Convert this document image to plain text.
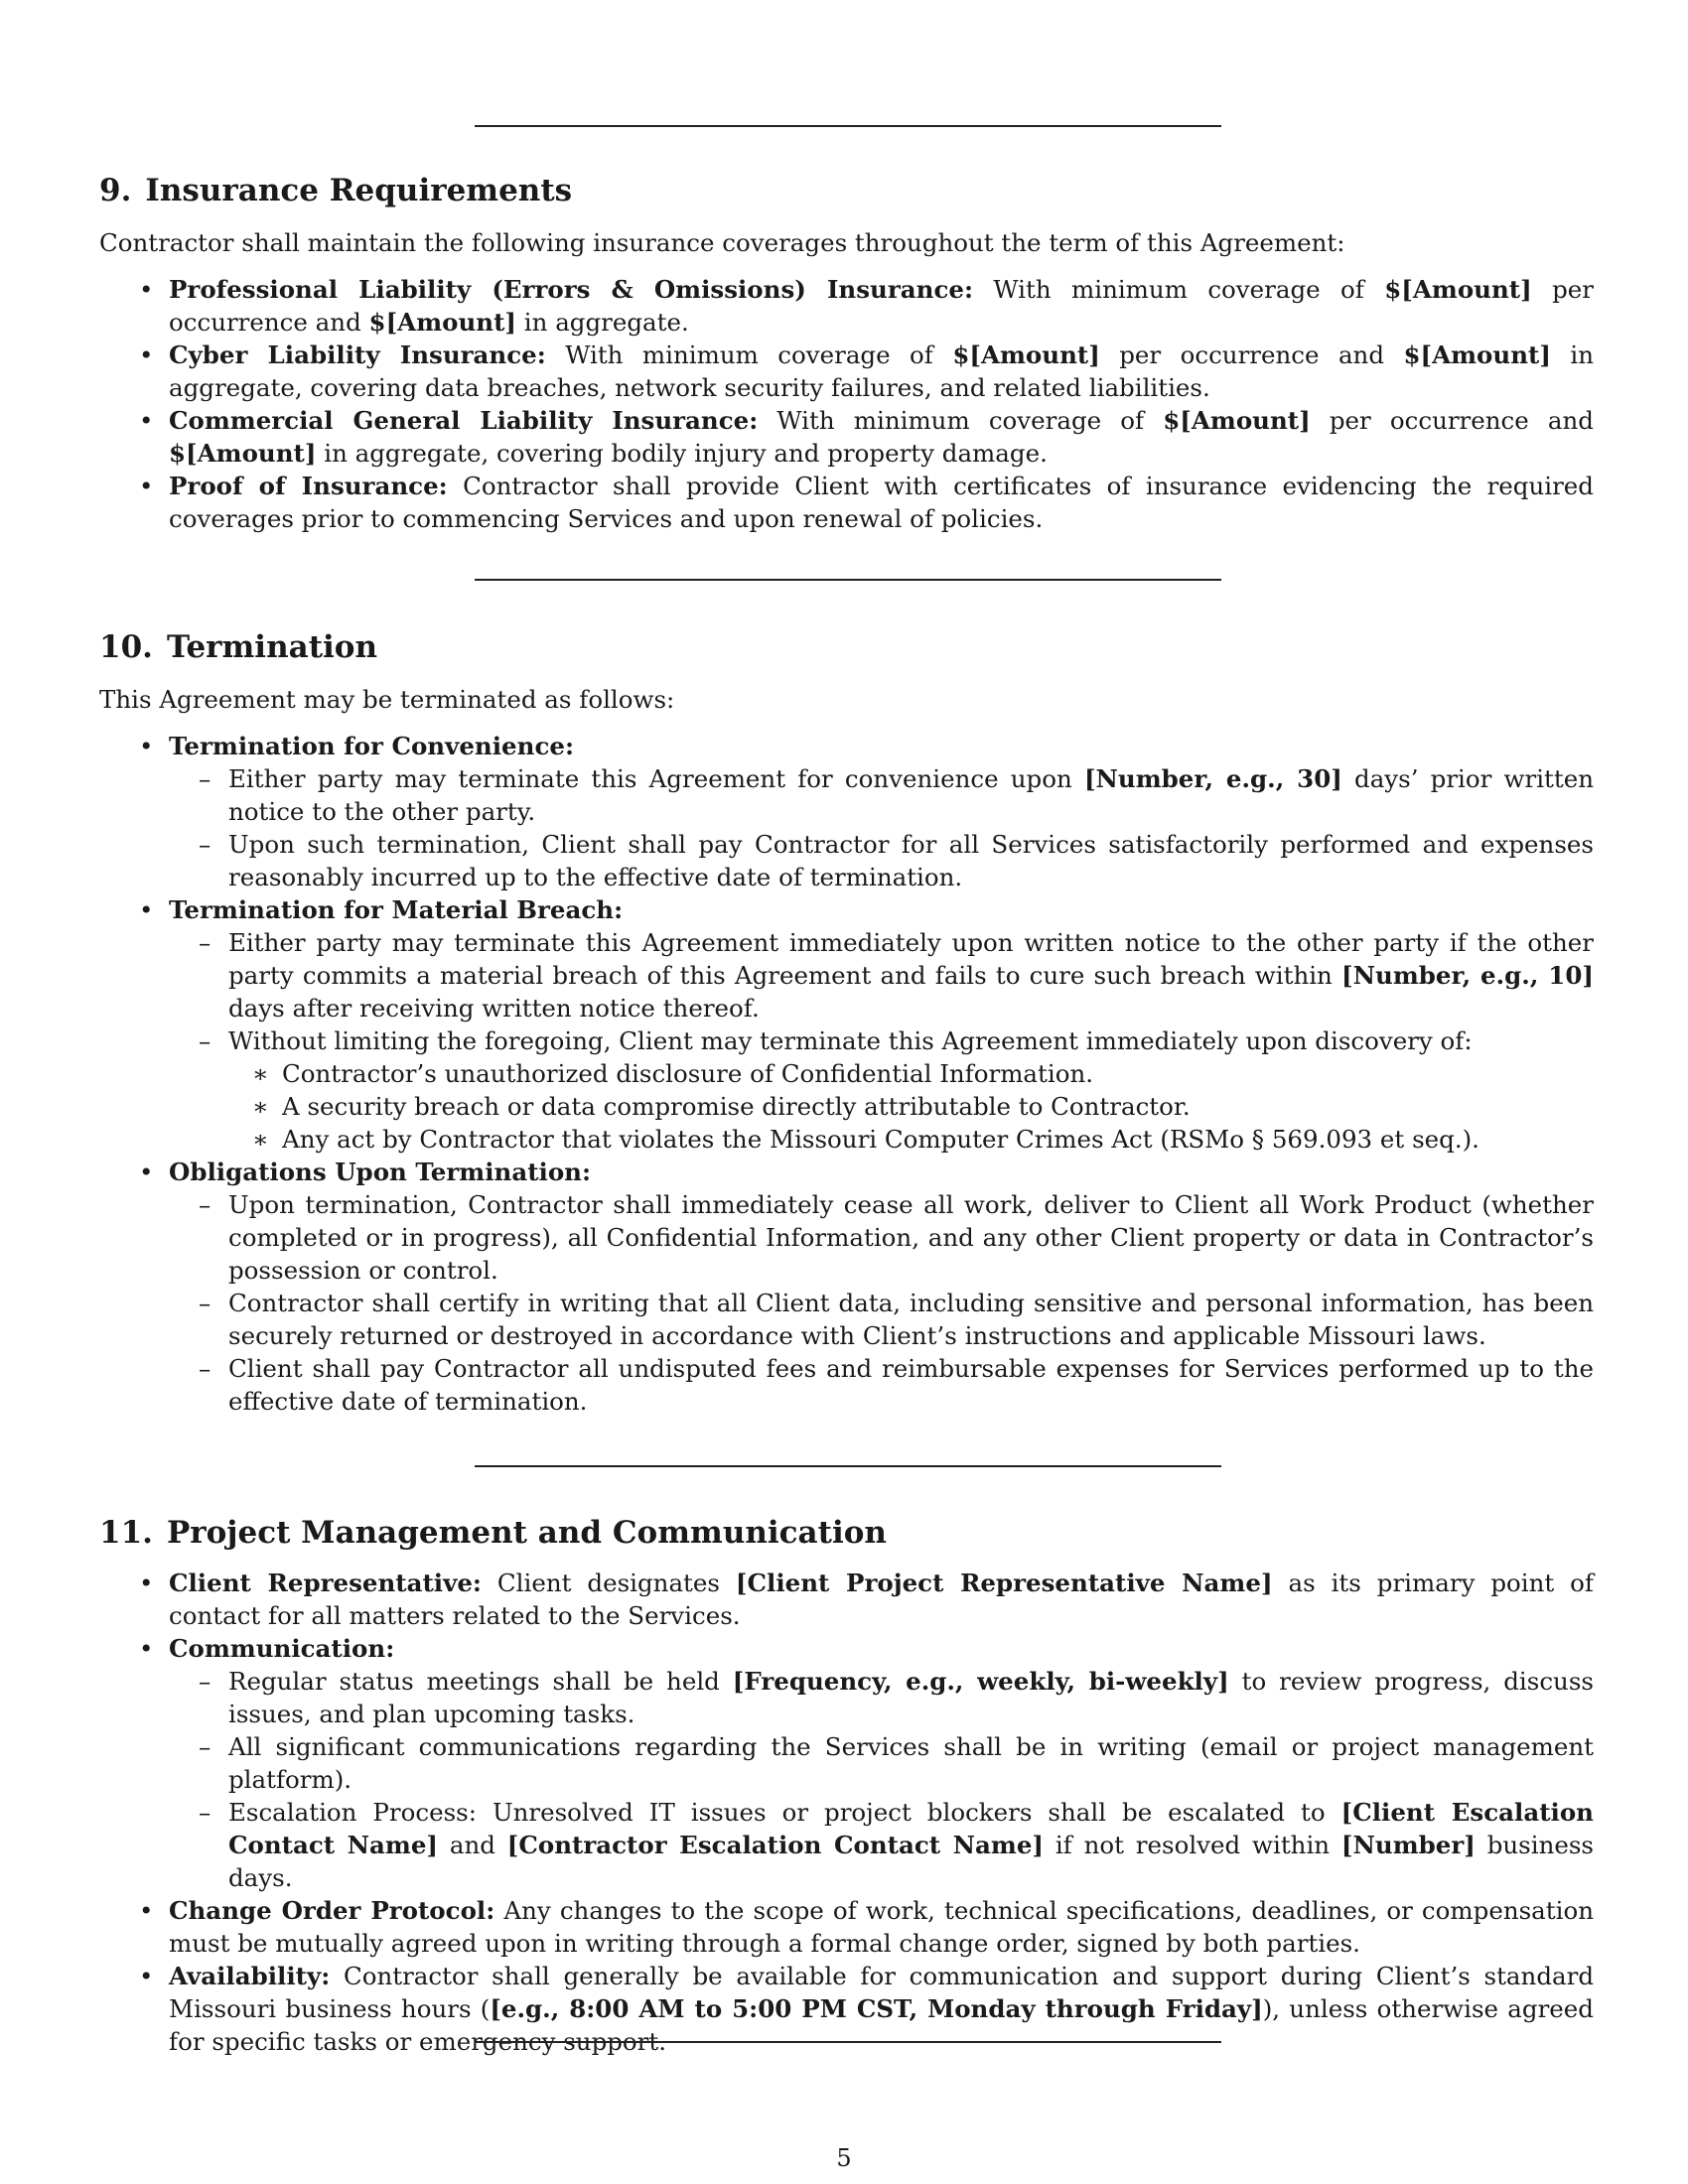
9. Insurance Requirements

Contractor shall maintain the following insurance coverages throughout the term of this Agreement:

• Professional Liability (Errors & Omissions) Insurance: With minimum coverage of $[Amount] per occurrence and $[Amount] in aggregate.
• Cyber Liability Insurance: With minimum coverage of $[Amount] per occurrence and $[Amount] in aggregate, covering data breaches, network security failures, and related liabilities.
• Commercial General Liability Insurance: With minimum coverage of $[Amount] per occurrence and $[Amount] in aggregate, covering bodily injury and property damage.
• Proof of Insurance: Contractor shall provide Client with certificates of insurance evidencing the required coverages prior to commencing Services and upon renewal of policies.
10. Termination

This Agreement may be terminated as follows:

• Termination for Convenience:
– Either party may terminate this Agreement for convenience upon [Number, e.g., 30] days’ prior written notice to the other party.
– Upon such termination, Client shall pay Contractor for all Services satisfactorily performed and expenses reasonably incurred up to the effective date of termination.
• Termination for Material Breach:
– Either party may terminate this Agreement immediately upon written notice to the other party if the other party commits a material breach of this Agreement and fails to cure such breach within [Number, e.g., 10] days after receiving written notice thereof.
– Without limiting the foregoing, Client may terminate this Agreement immediately upon discovery of:
∗ Contractor’s unauthorized disclosure of Confidential Information.
∗ A security breach or data compromise directly attributable to Contractor.
∗ Any act by Contractor that violates the Missouri Computer Crimes Act (RSMo § 569.093 et seq.).
• Obligations Upon Termination:
– Upon termination, Contractor shall immediately cease all work, deliver to Client all Work Product (whether completed or in progress), all Confidential Information, and any other Client property or data in Contractor’s possession or control.
– Contractor shall certify in writing that all Client data, including sensitive and personal information, has been securely returned or destroyed in accordance with Client’s instructions and applicable Missouri laws.
– Client shall pay Contractor all undisputed fees and reimbursable expenses for Services performed up to the effective date of termination.
11. Project Management and Communication
• Client Representative: Client designates [Client Project Representative Name] as its primary point of contact for all matters related to the Services.
• Communication:
– Regular status meetings shall be held [Frequency, e.g., weekly, bi-weekly] to review progress, discuss issues, and plan upcoming tasks.
– All significant communications regarding the Services shall be in writing (email or project management platform).
– Escalation Process: Unresolved IT issues or project blockers shall be escalated to [Client Escalation Contact Name] and [Contractor Escalation Contact Name] if not resolved within [Number] business days.
• Change Order Protocol: Any changes to the scope of work, technical specifications, deadlines, or compensation must be mutually agreed upon in writing through a formal change order, signed by both parties.
• Availability: Contractor shall generally be available for communication and support during Client’s standard Missouri business hours ([e.g., 8:00 AM to 5:00 PM CST, Monday through Friday]), unless otherwise agreed for specific tasks or emergency support.
5
